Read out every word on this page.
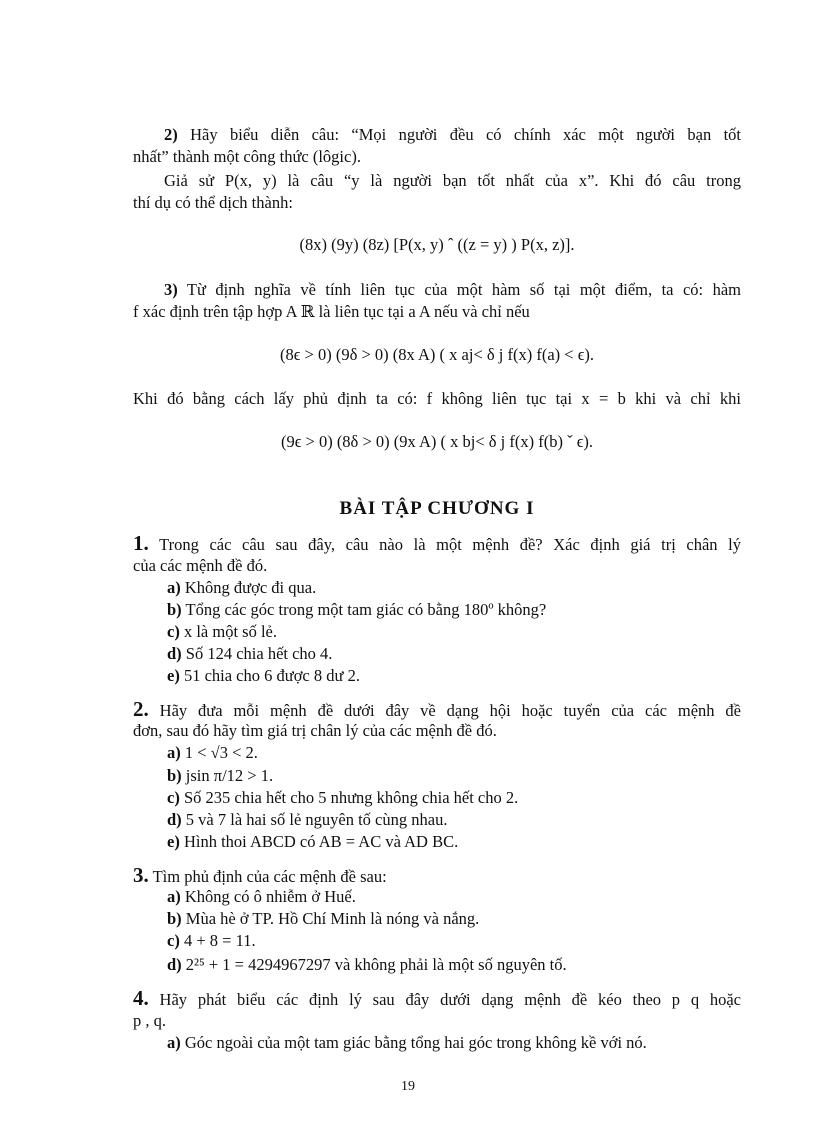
2) Hãy biểu diễn câu: “Mọi người đều có chính xác một người bạn tốt
nhất” thành một công thức (lôgic).
Giả sử P(x, y) là câu “y là người bạn tốt nhất của x”. Khi đó câu trong
thí dụ có thể dịch thành:
(8x) (9y) (8z) [P(x, y) ˆ ((z = y) ) P(x, z)].
3) Từ định nghĩa về tính liên tục của một hàm số tại một điểm, ta có: hàm
f xác định trên tập hợp A ℝ là liên tục tại a A nếu và chỉ nếu
(8ϵ > 0) (9δ > 0) (8x A) ( x aj< δ j f(x) f(a) < ϵ).
Khi đó bằng cách lấy phủ định ta có: f không liên tục tại x = b khi và chỉ khi
(9ϵ > 0) (8δ > 0) (9x A) ( x bj< δ j f(x) f(b) ˇ ϵ).
BÀI TẬP CHƯƠNG I
1. Trong các câu sau đây, câu nào là một mệnh đề? Xác định giá trị chân lý
của các mệnh đề đó.
a) Không được đi qua.
b) Tổng các góc trong một tam giác có bằng 180º không?
c) x là một số lẻ.
d) Số 124 chia hết cho 4.
e) 51 chia cho 6 được 8 dư 2.
2. Hãy đưa mỗi mệnh đề dưới đây về dạng hội hoặc tuyển của các mệnh đề
đơn, sau đó hãy tìm giá trị chân lý của các mệnh đề đó.
a) 1 < √3 < 2.
b) jsin π/12 > 1.
c) Số 235 chia hết cho 5 nhưng không chia hết cho 2.
d) 5 và 7 là hai số lẻ nguyên tố cùng nhau.
e) Hình thoi ABCD có AB = AC và AD BC.
3. Tìm phủ định của các mệnh đề sau:
a) Không có ô nhiễm ở Huế.
b) Mùa hè ở TP. Hồ Chí Minh là nóng và nắng.
c) 4 + 8 = 11.
d) 2²⁵ + 1 = 4294967297 và không phải là một số nguyên tố.
4. Hãy phát biểu các định lý sau đây dưới dạng mệnh đề kéo theo p q hoặc
p , q.
a) Góc ngoài của một tam giác bằng tổng hai góc trong không kề với nó.
19
